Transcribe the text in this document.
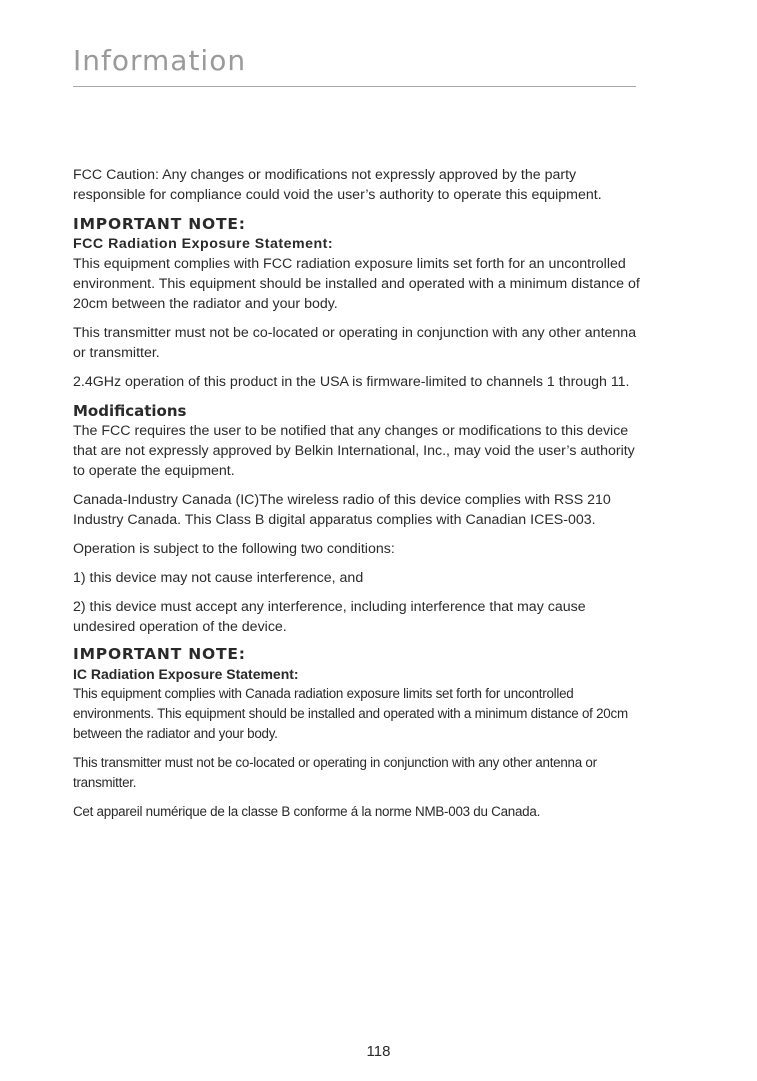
Information

FCC Caution: Any changes or modifications not expressly approved by the party responsible for compliance could void the user’s authority to operate this equipment.

IMPORTANT NOTE:
FCC Radiation Exposure Statement:

This equipment complies with FCC radiation exposure limits set forth for an uncontrolled environment. This equipment should be installed and operated with a minimum distance of 20cm between the radiator and your body.

This transmitter must not be co-located or operating in conjunction with any other antenna or transmitter.

2.4GHz operation of this product in the USA is firmware-limited to channels 1 through 11.

Modifications

The FCC requires the user to be notified that any changes or modifications to this device that are not expressly approved by Belkin International, Inc., may void the user’s authority to operate the equipment.

Canada-Industry Canada (IC)The wireless radio of this device complies with RSS 210 Industry Canada. This Class B digital apparatus complies with Canadian ICES-003.

Operation is subject to the following two conditions:

1) this device may not cause interference, and

2) this device must accept any interference, including interference that may cause undesired operation of the device.

IMPORTANT NOTE:
IC Radiation Exposure Statement:

This equipment complies with Canada radiation exposure limits set forth for uncontrolled environments. This equipment should be installed and operated with a minimum distance of 20cm between the radiator and your body.

This transmitter must not be co-located or operating in conjunction with any other antenna or transmitter.

Cet appareil numérique de la classe B conforme á la norme NMB-003 du Canada.

118
